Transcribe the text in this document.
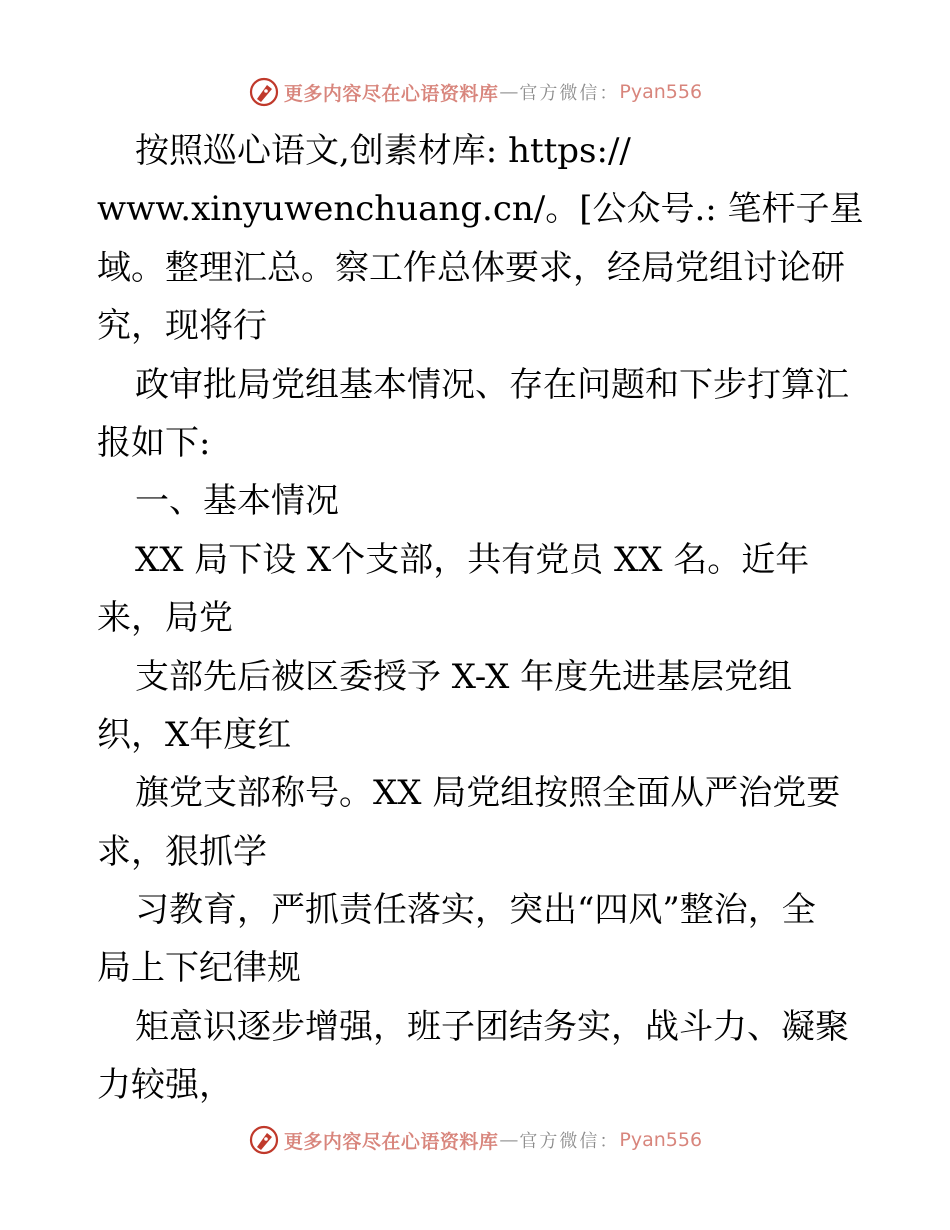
更多内容尽在心语资料库 — 官方微信： Pyan556
按照巡心语文,创素材库: https://
www.xinyuwenchuang.cn/。[公众号.: 笔杆子星
域。整理汇总。察工作总体要求，经局党组讨论研
究，现将行
政审批局党组基本情况、存在问题和下步打算汇
报如下:
一、基本情况
XX 局下设 X个支部，共有党员 XX 名。近年
来，局党
支部先后被区委授予 X-X 年度先进基层党组
织，X年度红
旗党支部称号。XX 局党组按照全面从严治党要
求，狠抓学
习教育，严抓责任落实，突出“四风”整治，全
局上下纪律规
矩意识逐步增强，班子团结务实，战斗力、凝聚
力较强，
更多内容尽在心语资料库 — 官方微信： Pyan556
